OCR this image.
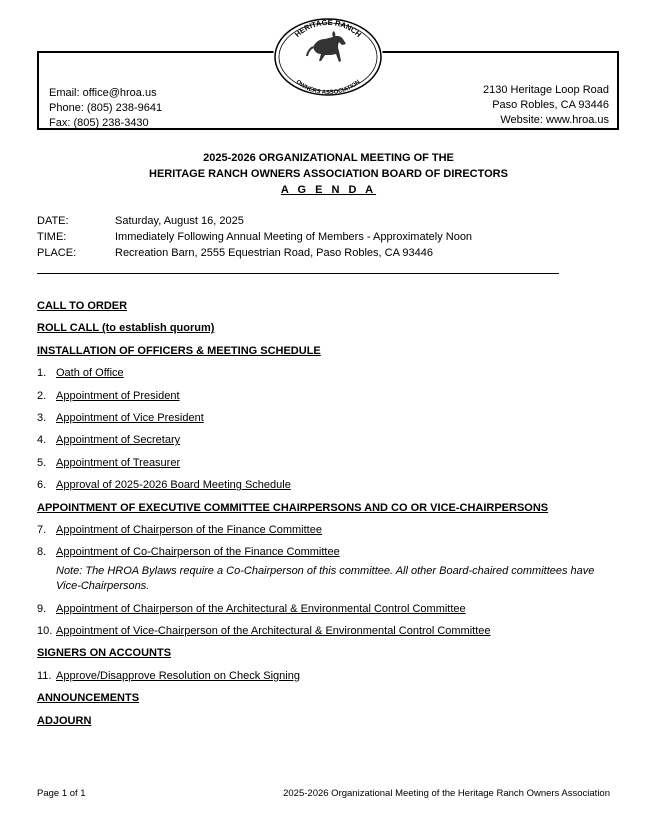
Email: office@hroa.us
Phone: (805) 238-9641
Fax: (805) 238-3430
2130 Heritage Loop Road
Paso Robles, CA 93446
Website: www.hroa.us
HERITAGE RANCH
OWNERS ASSOCIATION
2025-2026 ORGANIZATIONAL MEETING OF THE
HERITAGE RANCH OWNERS ASSOCIATION BOARD OF DIRECTORS
A G E N D A
DATE:	Saturday, August 16, 2025
TIME:	Immediately Following Annual Meeting of Members - Approximately Noon
PLACE:	Recreation Barn, 2555 Equestrian Road, Paso Robles, CA 93446
CALL TO ORDER
ROLL CALL (to establish quorum)
INSTALLATION OF OFFICERS & MEETING SCHEDULE
1. Oath of Office
2. Appointment of President
3. Appointment of Vice President
4. Appointment of Secretary
5. Appointment of Treasurer
6. Approval of 2025-2026 Board Meeting Schedule
APPOINTMENT OF EXECUTIVE COMMITTEE CHAIRPERSONS AND CO OR VICE-CHAIRPERSONS
7. Appointment of Chairperson of the Finance Committee
8. Appointment of Co-Chairperson of the Finance Committee
Note: The HROA Bylaws require a Co-Chairperson of this committee. All other Board-chaired committees have Vice-Chairpersons.
9. Appointment of Chairperson of the Architectural & Environmental Control Committee
10. Appointment of Vice-Chairperson of the Architectural & Environmental Control Committee
SIGNERS ON ACCOUNTS
11. Approve/Disapprove Resolution on Check Signing
ANNOUNCEMENTS
ADJOURN
Page 1 of 1	2025-2026 Organizational Meeting of the Heritage Ranch Owners Association
